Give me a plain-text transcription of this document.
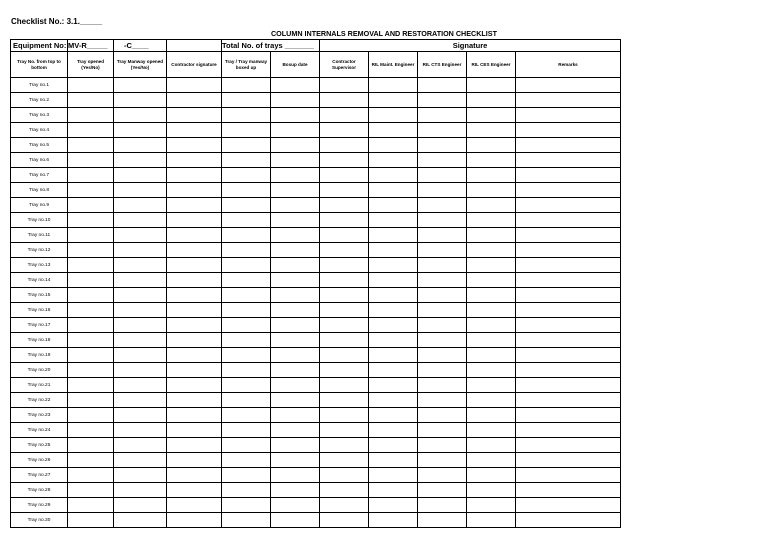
Checklist No.: 3.1._____
COLUMN INTERNALS REMOVAL AND RESTORATION CHECKLIST
Equipment No:	MV-R_____	-C____		Total No. of trays _______		Signature				
Tray No. from top to bottom	Tray opened (Yes/No)	Tray Manway opened (Yes/No)	Contractor signature	Tray / Tray manway boxed up	Boxup date	Contractor Supervisor	RIL Maint. Engineer	RIL CTS Engineer	RIL CES Engineer	Remarks
Tray no.1										
Tray no.2										
Tray no.3										
Tray no.4										
Tray no.5										
Tray no.6										
Tray no.7										
Tray no.8										
Tray no.9										
Tray no.10										
Tray no.11										
Tray no.12										
Tray no.13										
Tray no.14										
Tray no.15										
Tray no.16										
Tray no.17										
Tray no.18										
Tray no.19										
Tray no.20										
Tray no.21										
Tray no.22										
Tray no.23										
Tray no.24										
Tray no.25										
Tray no.26										
Tray no.27										
Tray no.28										
Tray no.29										
Tray no.30										
